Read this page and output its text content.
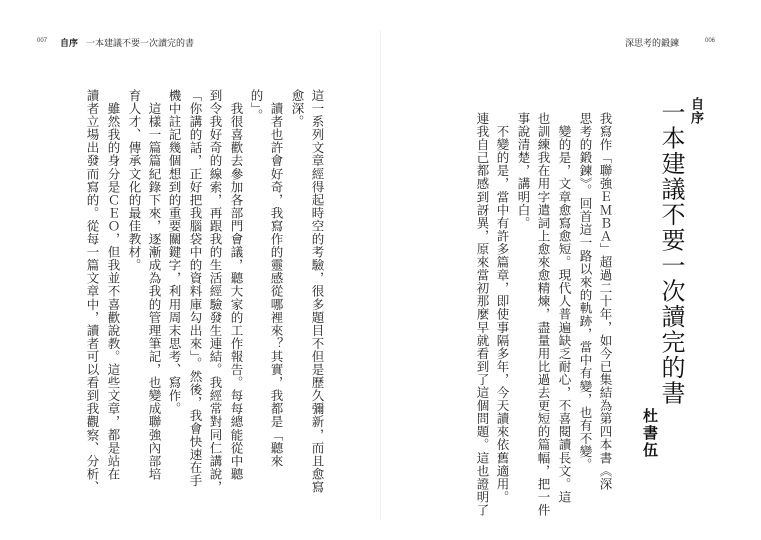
007 自序 一本建議不要一次讀完的書	深思考的鍛鍊	006
自序
一本建議不要一次讀完的書
杜書伍
我寫作「聯強ＥＭＢＡ」超過二十年，如今已集結為第四本書《深
思考的鍛鍊》。回首這一路以來的軌跡，當中有變，也有不變。
　變的是，文章愈寫愈短。現代人普遍缺乏耐心，不喜閱讀長文。這
也訓練我在用字遣詞上愈來愈精煉，盡量用比過去更短的篇幅，把一件
事說清楚，講明白。
　不變的是，當中有許多篇章，即使事隔多年，今天讀來依舊適用。
連我自己都感到訝異，原來當初那麼早就看到了這個問題。這也證明了
這一系列文章經得起時空的考驗，很多題目不但是歷久彌新，而且愈寫
愈深。
　讀者也許會好奇，我寫作的靈感從哪裡來？其實，我都是「聽來
的」。
　我很喜歡去參加各部門會議，聽大家的工作報告。每每總能從中聽
到令我好奇的線索，再跟我的生活經驗發生連結。我經常對同仁講說，
「你講的話，正好把我腦袋中的資料庫勾出來」。然後，我會快速在手
機中註記幾個想到的重要關鍵字，利用周末思考、寫作。
　這樣一篇篇紀錄下來，逐漸成為我的管理筆記，也變成聯強內部培
育人才、傳承文化的最佳教材。
　雖然我的身分是ＣＥＯ，但我並不喜歡說教。這些文章，都是站在
讀者立場出發而寫的。從每一篇文章中，讀者可以看到我觀察、分析、
